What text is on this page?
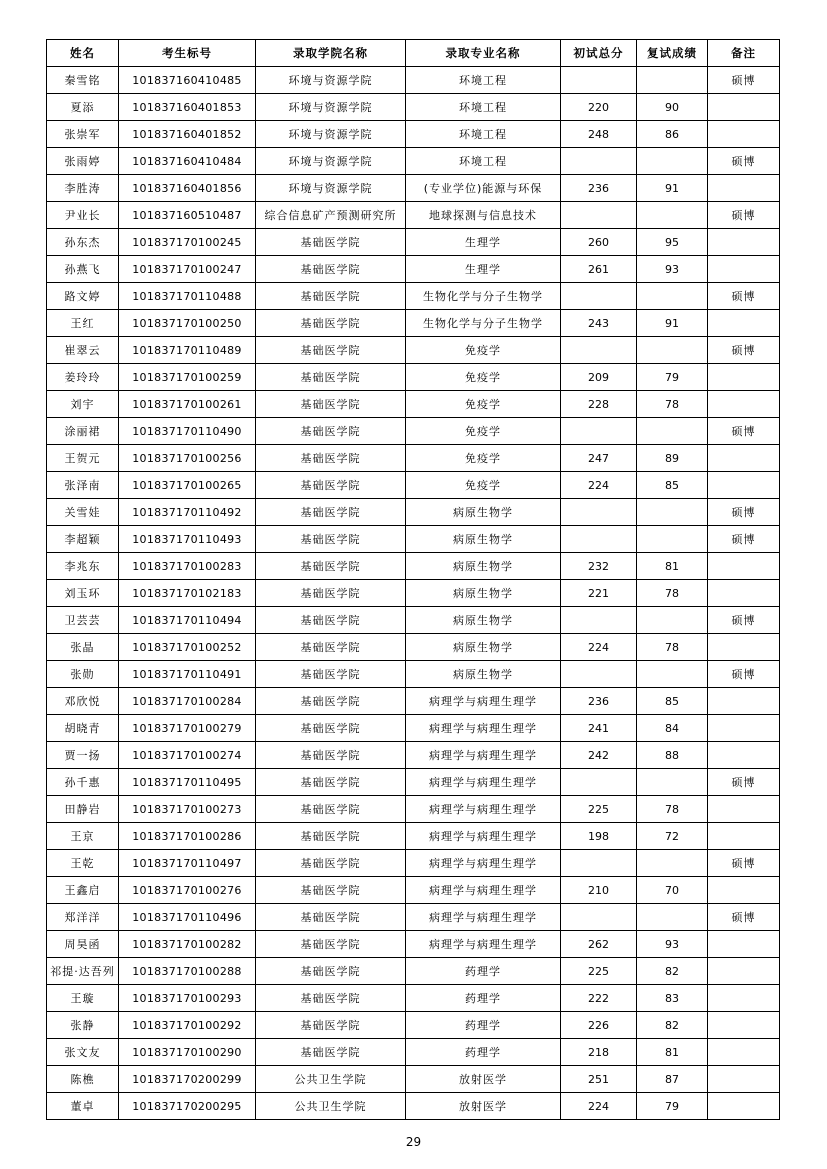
姓名	考生标号	录取学院名称	录取专业名称	初试总分	复试成绩	备注
秦雪铭	101837160410485	环境与资源学院	环境工程			硕博
夏添	101837160401853	环境与资源学院	环境工程	220	90	
张崇军	101837160401852	环境与资源学院	环境工程	248	86	
张雨婷	101837160410484	环境与资源学院	环境工程			硕博
李胜涛	101837160401856	环境与资源学院	(专业学位)能源与环保	236	91	
尹业长	101837160510487	综合信息矿产预测研究所	地球探测与信息技术			硕博
孙东杰	101837170100245	基础医学院	生理学	260	95	
孙燕飞	101837170100247	基础医学院	生理学	261	93	
路文婷	101837170110488	基础医学院	生物化学与分子生物学			硕博
王红	101837170100250	基础医学院	生物化学与分子生物学	243	91	
崔翠云	101837170110489	基础医学院	免疫学			硕博
姜玲玲	101837170100259	基础医学院	免疫学	209	79	
刘宇	101837170100261	基础医学院	免疫学	228	78	
涂丽裙	101837170110490	基础医学院	免疫学			硕博
王贺元	101837170100256	基础医学院	免疫学	247	89	
张泽南	101837170100265	基础医学院	免疫学	224	85	
关雪娃	101837170110492	基础医学院	病原生物学			硕博
李超颖	101837170110493	基础医学院	病原生物学			硕博
李兆东	101837170100283	基础医学院	病原生物学	232	81	
刘玉环	101837170102183	基础医学院	病原生物学	221	78	
卫芸芸	101837170110494	基础医学院	病原生物学			硕博
张晶	101837170100252	基础医学院	病原生物学	224	78	
张勋	101837170110491	基础医学院	病原生物学			硕博
邓欣悦	101837170100284	基础医学院	病理学与病理生理学	236	85	
胡晓青	101837170100279	基础医学院	病理学与病理生理学	241	84	
贾一扬	101837170100274	基础医学院	病理学与病理生理学	242	88	
孙千惠	101837170110495	基础医学院	病理学与病理生理学			硕博
田静岩	101837170100273	基础医学院	病理学与病理生理学	225	78	
王京	101837170100286	基础医学院	病理学与病理生理学	198	72	
王乾	101837170110497	基础医学院	病理学与病理生理学			硕博
王鑫启	101837170100276	基础医学院	病理学与病理生理学	210	70	
郑洋洋	101837170110496	基础医学院	病理学与病理生理学			硕博
周昊函	101837170100282	基础医学院	病理学与病理生理学	262	93	
祁提·达吾列	101837170100288	基础医学院	药理学	225	82	
王璇	101837170100293	基础医学院	药理学	222	83	
张静	101837170100292	基础医学院	药理学	226	82	
张文友	101837170100290	基础医学院	药理学	218	81	
陈樵	101837170200299	公共卫生学院	放射医学	251	87	
董卓	101837170200295	公共卫生学院	放射医学	224	79	
29
